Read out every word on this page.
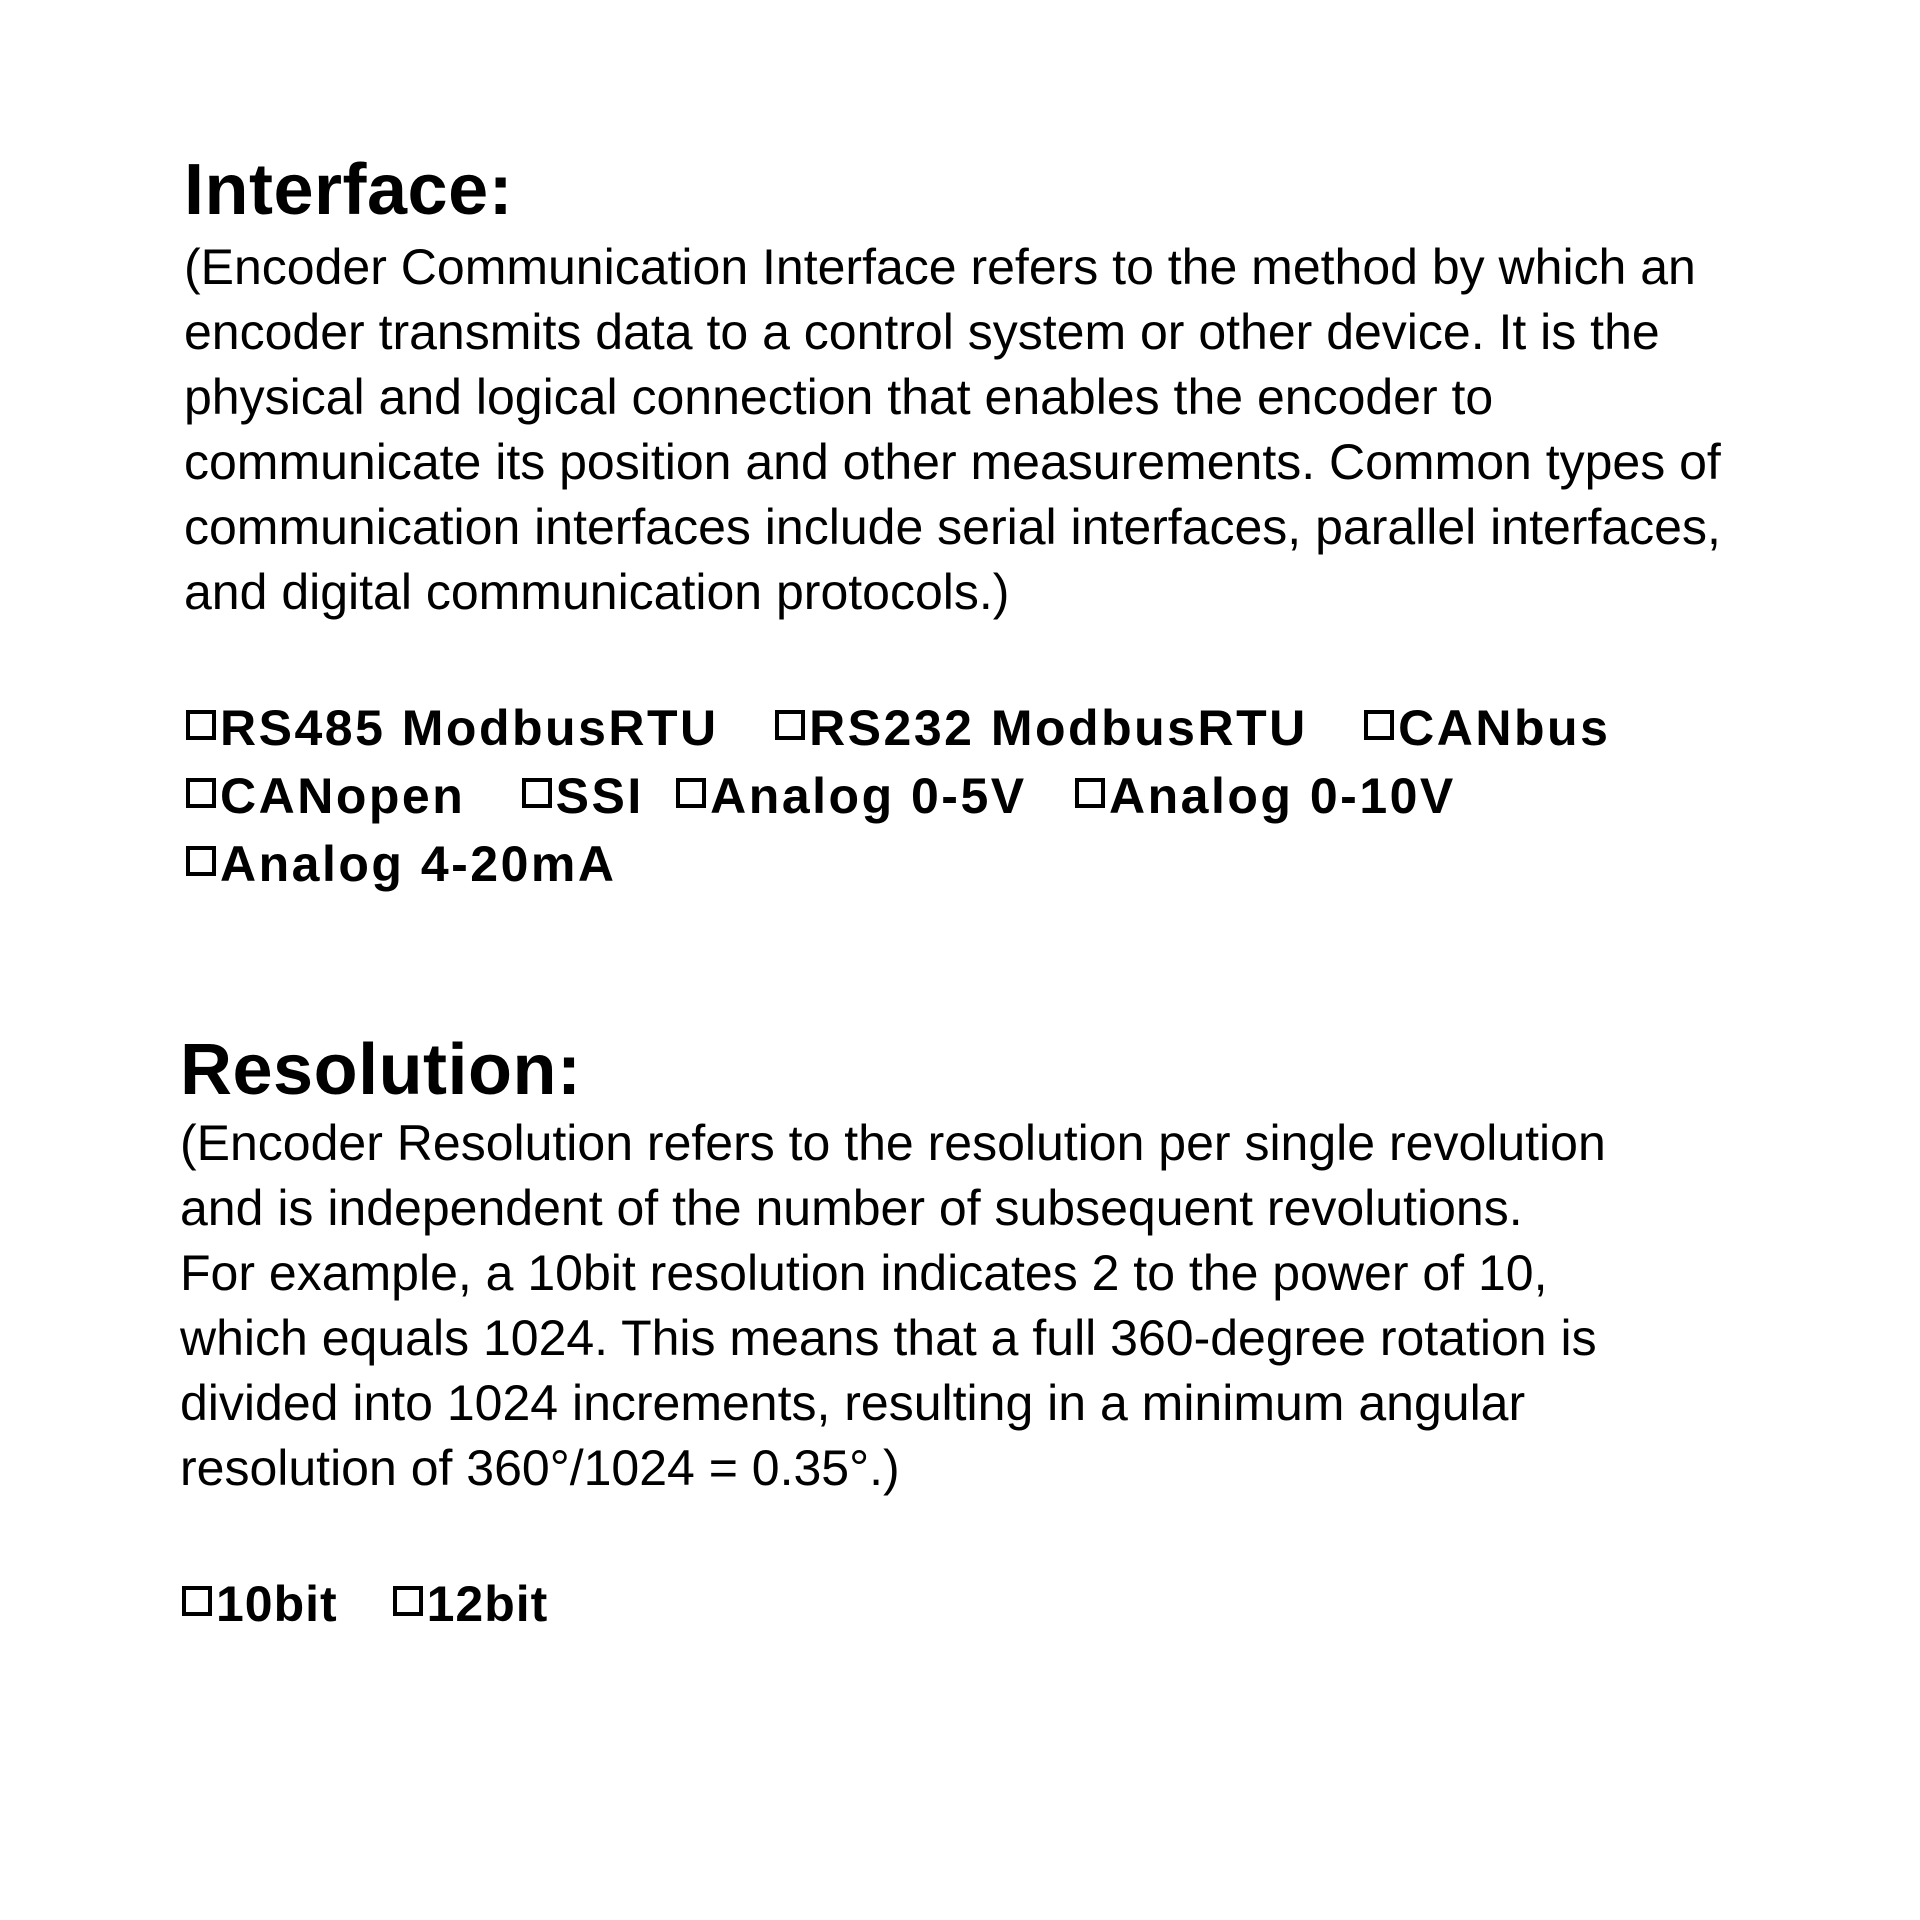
Interface:

(Encoder Communication Interface refers to the method by which an
encoder transmits data to a control system or other device. It is the
physical and logical connection that enables the encoder to
communicate its position and other measurements. Common types of
communication interfaces include serial interfaces, parallel interfaces,
and digital communication protocols.)

RS485 ModbusRTU
RS232 ModbusRTU
CANbus
CANopen
SSI
Analog 0-5V
Analog 0-10V
Analog 4-20mA
Resolution:

(Encoder Resolution refers to the resolution per single revolution
and is independent of the number of subsequent revolutions.
For example, a 10bit resolution indicates 2 to the power of 10,
which equals 1024. This means that a full 360-degree rotation is
divided into 1024 increments, resulting in a minimum angular
resolution of 360°/1024 = 0.35°.)

10bit
12bit
